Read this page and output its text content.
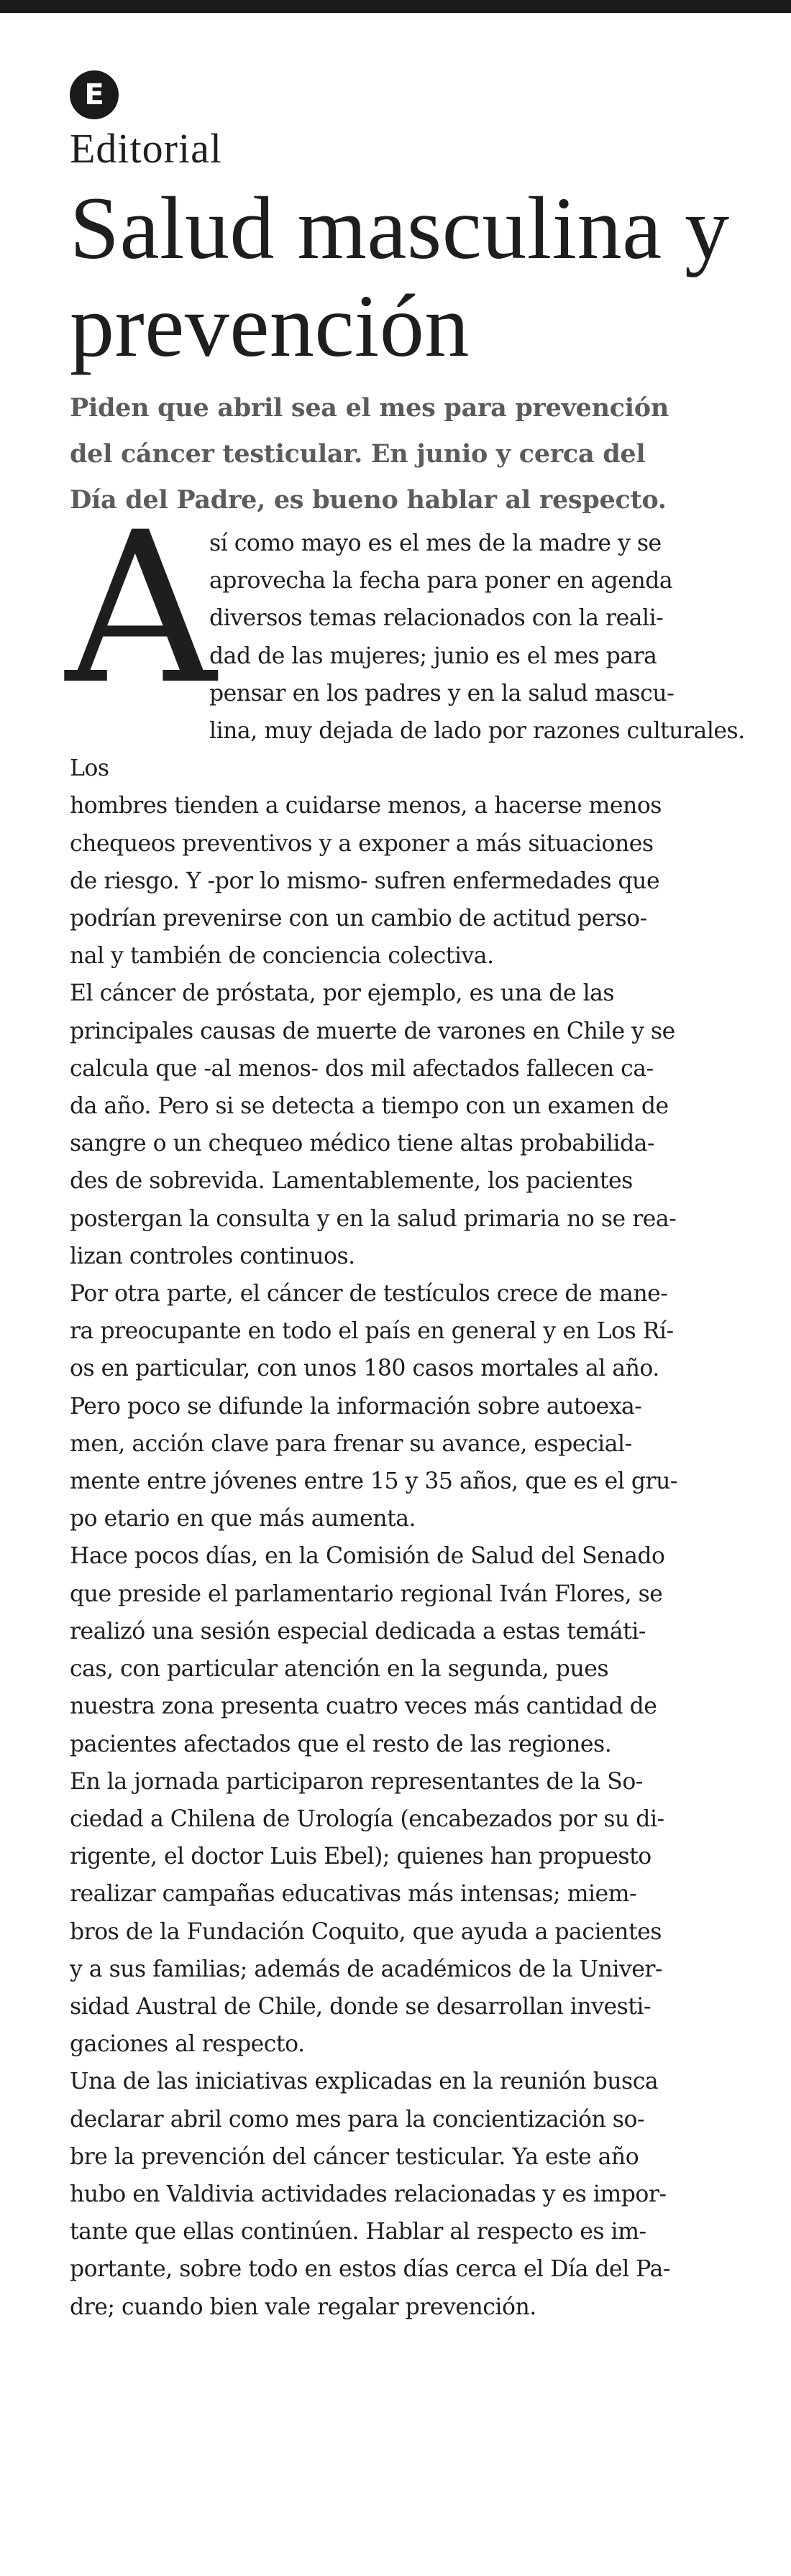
E
Editorial
Salud masculina y
prevención

Piden que abril sea el mes para prevención
del cáncer testicular. En junio y cerca del
Día del Padre, es bueno hablar al respecto.

A
sí como mayo es el mes de la madre y se
aprovecha la fecha para poner en agenda
diversos temas relacionados con la reali-
dad de las mujeres; junio es el mes para
pensar en los padres y en la salud mascu-
lina, muy dejada de lado por razones culturales. Los
hombres tienden a cuidarse menos, a hacerse menos
chequeos preventivos y a exponer a más situaciones
de riesgo. Y -por lo mismo- sufren enfermedades que
podrían prevenirse con un cambio de actitud perso-
nal y también de conciencia colectiva.

El cáncer de próstata, por ejemplo, es una de las
principales causas de muerte de varones en Chile y se
calcula que -al menos- dos mil afectados fallecen ca-
da año. Pero si se detecta a tiempo con un examen de
sangre o un chequeo médico tiene altas probabilida-
des de sobrevida. Lamentablemente, los pacientes
postergan la consulta y en la salud primaria no se rea-
lizan controles continuos.

Por otra parte, el cáncer de testículos crece de mane-
ra preocupante en todo el país en general y en Los Rí-
os en particular, con unos 180 casos mortales al año.
Pero poco se difunde la información sobre autoexa-
men, acción clave para frenar su avance, especial-
mente entre jóvenes entre 15 y 35 años, que es el gru-
po etario en que más aumenta.

Hace pocos días, en la Comisión de Salud del Senado
que preside el parlamentario regional Iván Flores, se
realizó una sesión especial dedicada a estas temáti-
cas, con particular atención en la segunda, pues
nuestra zona presenta cuatro veces más cantidad de
pacientes afectados que el resto de las regiones.

En la jornada participaron representantes de la So-
ciedad a Chilena de Urología (encabezados por su di-
rigente, el doctor Luis Ebel); quienes han propuesto
realizar campañas educativas más intensas; miem-
bros de la Fundación Coquito, que ayuda a pacientes
y a sus familias; además de académicos de la Univer-
sidad Austral de Chile, donde se desarrollan investi-
gaciones al respecto.

Una de las iniciativas explicadas en la reunión busca
declarar abril como mes para la concientización so-
bre la prevención del cáncer testicular. Ya este año
hubo en Valdivia actividades relacionadas y es impor-
tante que ellas continúen. Hablar al respecto es im-
portante, sobre todo en estos días cerca el Día del Pa-
dre; cuando bien vale regalar prevención.
